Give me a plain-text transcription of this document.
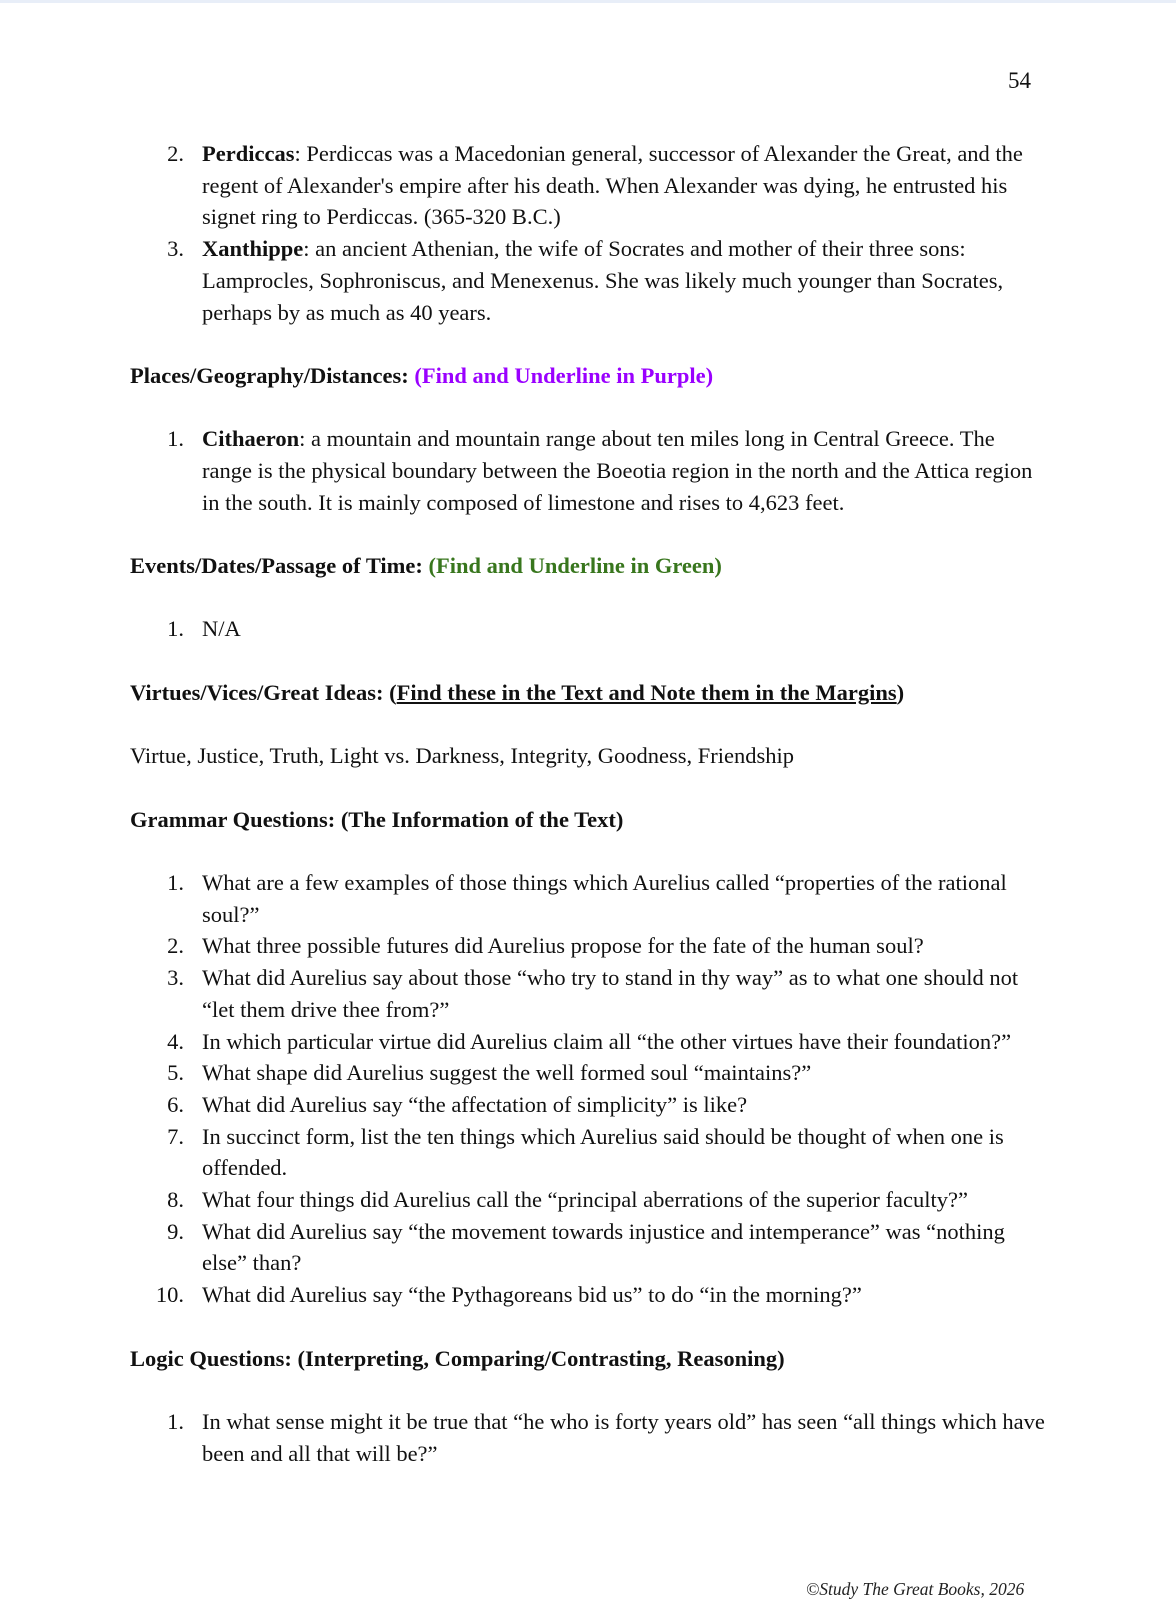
54
2. Perdiccas: Perdiccas was a Macedonian general, successor of Alexander the Great, and the regent of Alexander's empire after his death. When Alexander was dying, he entrusted his signet ring to Perdiccas. (365-320 B.C.)
3. Xanthippe: an ancient Athenian, the wife of Socrates and mother of their three sons: Lamprocles, Sophroniscus, and Menexenus. She was likely much younger than Socrates, perhaps by as much as 40 years.

Places/Geography/Distances: (Find and Underline in Purple)

1. Cithaeron: a mountain and mountain range about ten miles long in Central Greece. The range is the physical boundary between the Boeotia region in the north and the Attica region in the south. It is mainly composed of limestone and rises to 4,623 feet.

Events/Dates/Passage of Time: (Find and Underline in Green)

1. N/A

Virtues/Vices/Great Ideas: (Find these in the Text and Note them in the Margins)

Virtue, Justice, Truth, Light vs. Darkness, Integrity, Goodness, Friendship

Grammar Questions: (The Information of the Text)

1. What are a few examples of those things which Aurelius called “properties of the rational soul?”
2. What three possible futures did Aurelius propose for the fate of the human soul?
3. What did Aurelius say about those “who try to stand in thy way” as to what one should not “let them drive thee from?”
4. In which particular virtue did Aurelius claim all “the other virtues have their foundation?”
5. What shape did Aurelius suggest the well formed soul “maintains?”
6. What did Aurelius say “the affectation of simplicity” is like?
7. In succinct form, list the ten things which Aurelius said should be thought of when one is offended.
8. What four things did Aurelius call the “principal aberrations of the superior faculty?”
9. What did Aurelius say “the movement towards injustice and intemperance” was “nothing else” than?
10. What did Aurelius say “the Pythagoreans bid us” to do “in the morning?”

Logic Questions: (Interpreting, Comparing/Contrasting, Reasoning)

1. In what sense might it be true that “he who is forty years old” has seen “all things which have been and all that will be?”
©Study The Great Books, 2026
